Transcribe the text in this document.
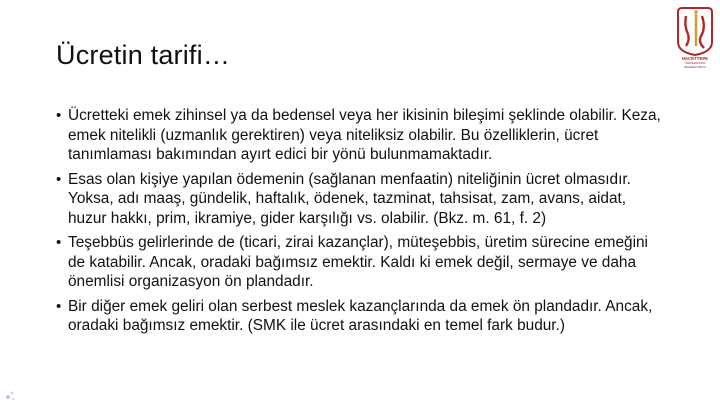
Ücretin tarifi…	HACETTEPE
ÜNİVERSİTESİ
DEĞERLİ BİLGİ
• Ücretteki emek zihinsel ya da bedensel veya her ikisinin bileşimi şeklinde olabilir. Keza, emek nitelikli (uzmanlık gerektiren) veya niteliksiz olabilir. Bu özelliklerin, ücret tanımlaması bakımından ayırt edici bir yönü bulunmamaktadır.
• Esas olan kişiye yapılan ödemenin (sağlanan menfaatin) niteliğinin ücret olmasıdır. Yoksa, adı maaş, gündelik, haftalık, ödenek, tazminat, tahsisat, zam, avans, aidat, huzur hakkı, prim, ikramiye, gider karşılığı vs. olabilir. (Bkz. m. 61, f. 2)
• Teşebbüs gelirlerinde de (ticari, zirai kazançlar), müteşebbis, üretim sürecine emeğini de katabilir. Ancak, oradaki bağımsız emektir. Kaldı ki emek değil, sermaye ve daha önemlisi organizasyon ön plandadır.
• Bir diğer emek geliri olan serbest meslek kazançlarında da emek ön plandadır. Ancak, oradaki bağımsız emektir. (SMK ile ücret arasındaki en temel fark budur.)
